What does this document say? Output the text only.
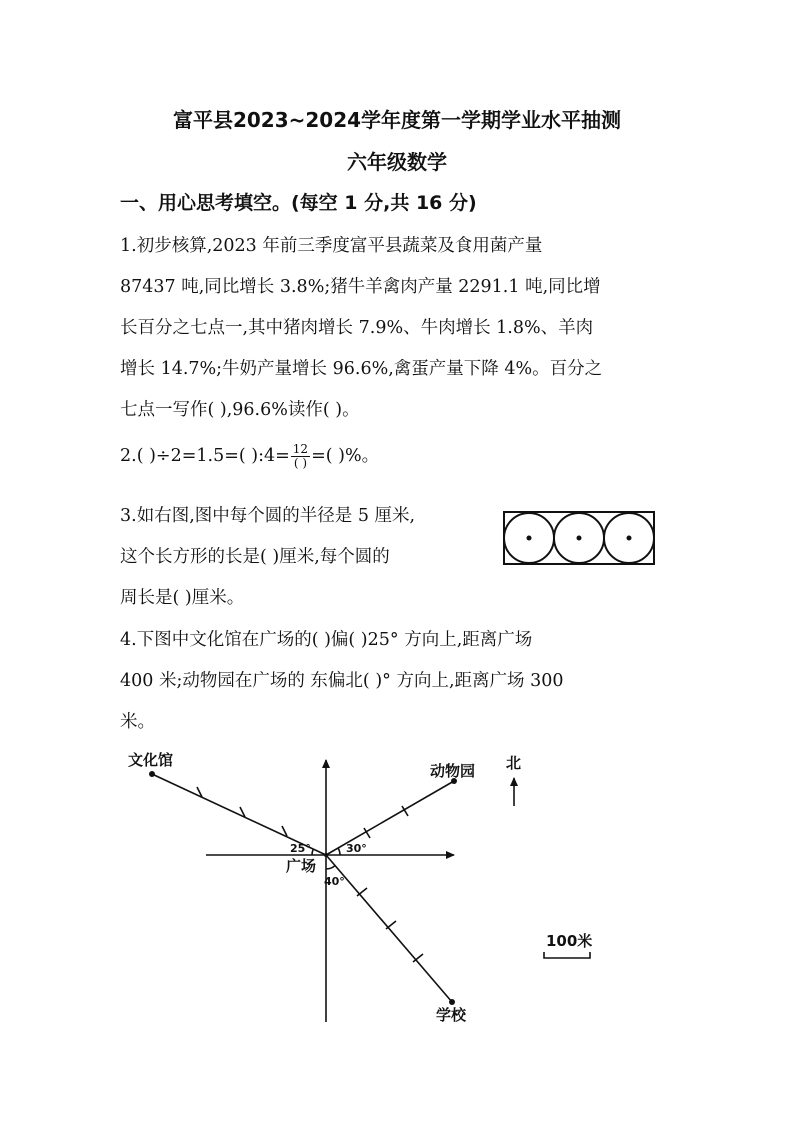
富平县2023~2024学年度第一学期学业水平抽测
六年级数学
一、用心思考填空。(每空 1 分,共 16 分)
1.初步核算,2023 年前三季度富平县蔬菜及食用菌产量
87437 吨,同比增长 3.8%;猪牛羊禽肉产量 2291.1 吨,同比增
长百分之七点一,其中猪肉增长 7.9%、牛肉增长 1.8%、羊肉
增长 14.7%;牛奶产量增长 96.6%,禽蛋产量下降 4%。百分之
七点一写作( ),96.6%读作( )。
2.( )÷2=1.5=( ):4= $\frac{12}{( )}$ =( )%。
3.如右图,图中每个圆的半径是 5 厘米,
这个长方形的长是( )厘米,每个圆的
周长是( )厘米。
4.下图中文化馆在广场的( )偏( )25° 方向上,距离广场
400 米;动物园在广场的 东偏北( )° 方向上,距离广场 300
米。
文化馆
动物园 北
广场
学校
100米
25°	30°
40°
